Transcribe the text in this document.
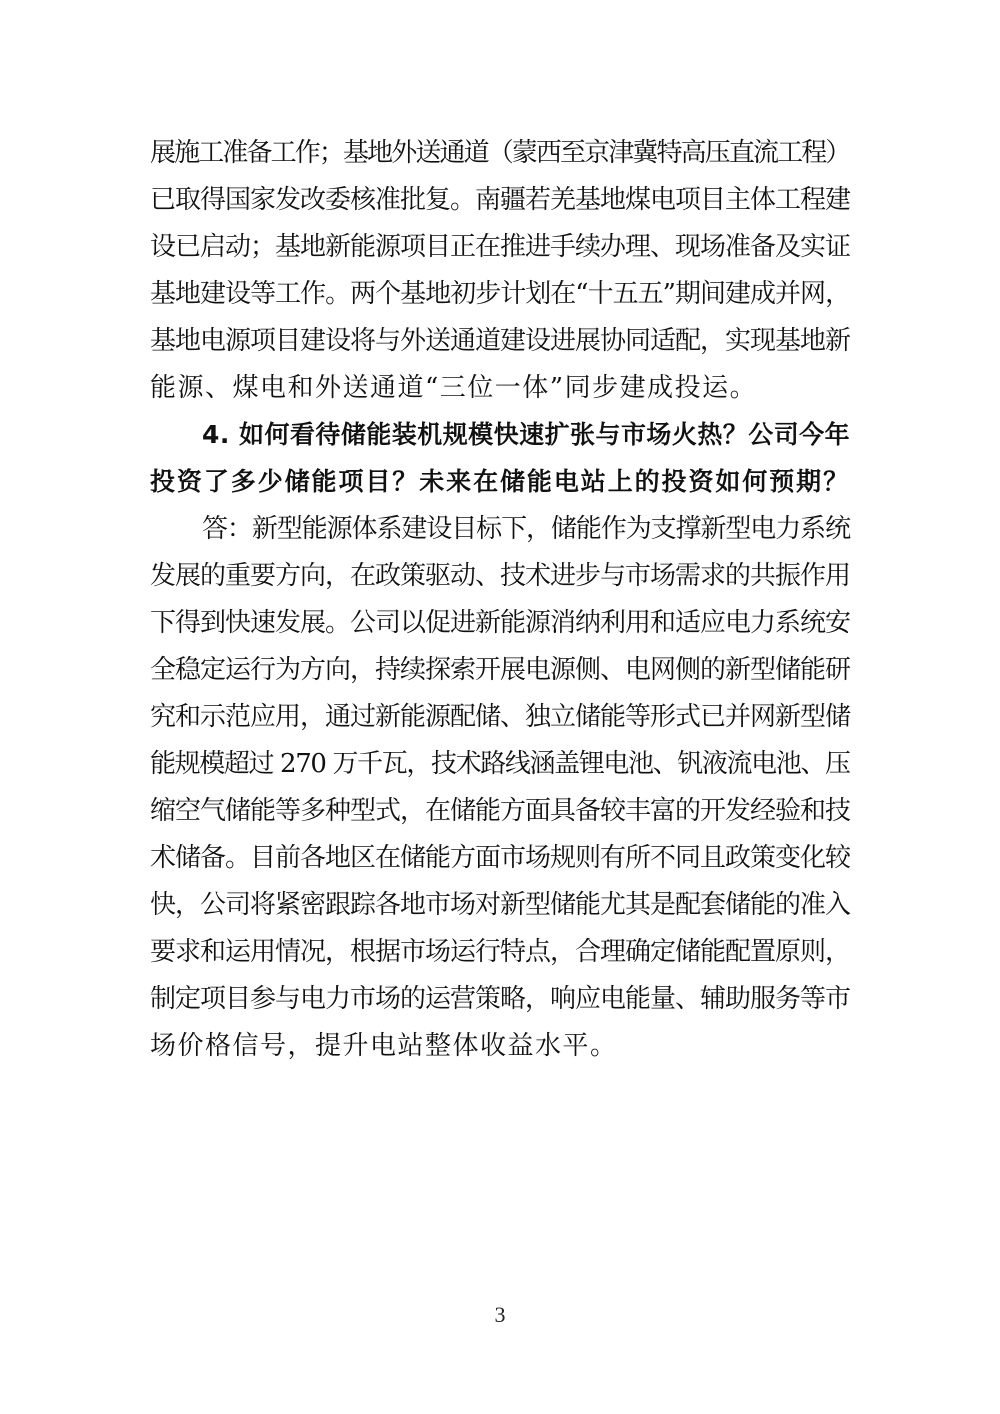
展施工准备工作；基地外送通道（蒙西至京津冀特高压直流工程）
已取得国家发改委核准批复。南疆若羌基地煤电项目主体工程建
设已启动；基地新能源项目正在推进手续办理、现场准备及实证
基地建设等工作。两个基地初步计划在“十五五”期间建成并网，
基地电源项目建设将与外送通道建设进展协同适配，实现基地新
能源、煤电和外送通道“三位一体”同步建成投运。
4. 如何看待储能装机规模快速扩张与市场火热？公司今年
投资了多少储能项目？未来在储能电站上的投资如何预期？
答：新型能源体系建设目标下，储能作为支撑新型电力系统
发展的重要方向，在政策驱动、技术进步与市场需求的共振作用
下得到快速发展。公司以促进新能源消纳利用和适应电力系统安
全稳定运行为方向，持续探索开展电源侧、电网侧的新型储能研
究和示范应用，通过新能源配储、独立储能等形式已并网新型储
能规模超过 270 万千瓦，技术路线涵盖锂电池、钒液流电池、压
缩空气储能等多种型式，在储能方面具备较丰富的开发经验和技
术储备。目前各地区在储能方面市场规则有所不同且政策变化较
快，公司将紧密跟踪各地市场对新型储能尤其是配套储能的准入
要求和运用情况，根据市场运行特点，合理确定储能配置原则，
制定项目参与电力市场的运营策略，响应电能量、辅助服务等市
场价格信号，提升电站整体收益水平。
3
